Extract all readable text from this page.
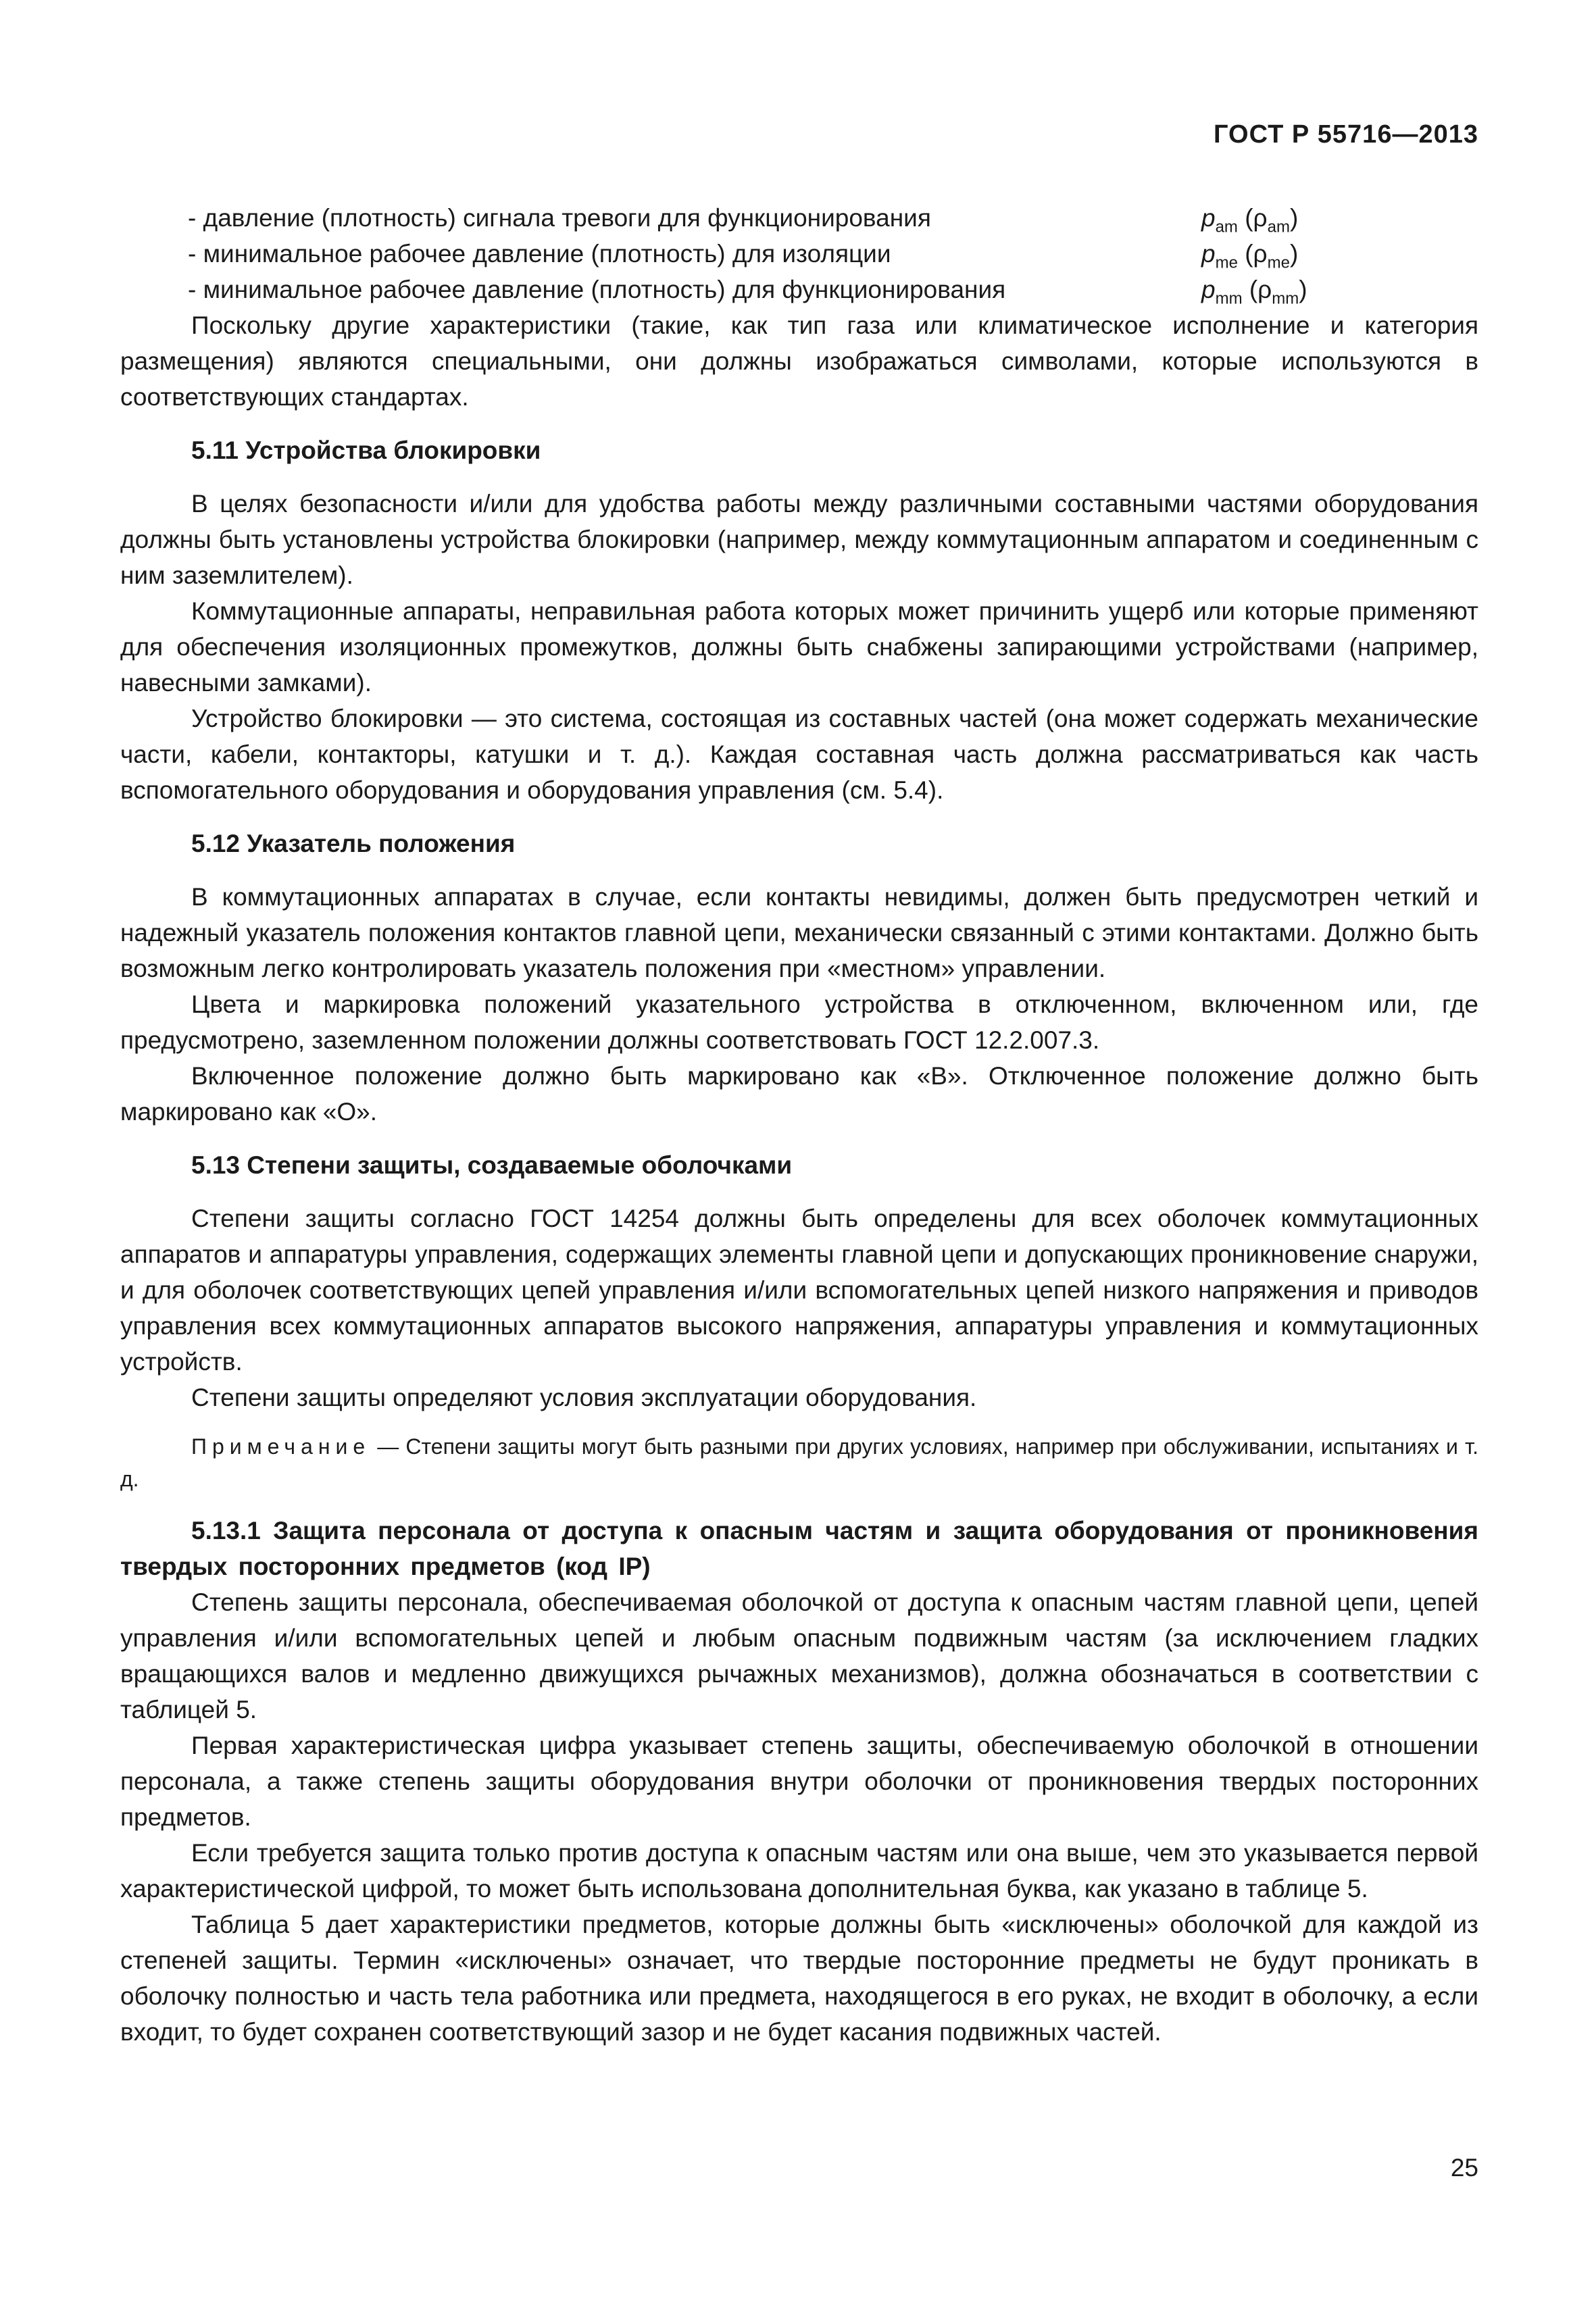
ГОСТ Р 55716—2013
- давление (плотность) сигнала тревоги для функционирования	$p_{am}$ $(\rho_{am})$
- минимальное рабочее давление (плотность) для изоляции	$p_{me}$ $(\rho_{me})$
- минимальное рабочее давление (плотность) для функционирования	$p_{mm}$ $(\rho_{mm})$

Поскольку другие характеристики (такие, как тип газа или климатическое исполнение и категория размещения) являются специальными, они должны изображаться символами, которые используются в соответствующих стандартах.

5.11 Устройства блокировки

В целях безопасности и/или для удобства работы между различными составными частями оборудования должны быть установлены устройства блокировки (например, между коммутационным аппаратом и соединенным с ним заземлителем).

Коммутационные аппараты, неправильная работа которых может причинить ущерб или которые применяют для обеспечения изоляционных промежутков, должны быть снабжены запирающими устройствами (например, навесными замками).

Устройство блокировки — это система, состоящая из составных частей (она может содержать механические части, кабели, контакторы, катушки и т. д.). Каждая составная часть должна рассматриваться как часть вспомогательного оборудования и оборудования управления (см. 5.4).

5.12 Указатель положения

В коммутационных аппаратах в случае, если контакты невидимы, должен быть предусмотрен четкий и надежный указатель положения контактов главной цепи, механически связанный с этими контактами. Должно быть возможным легко контролировать указатель положения при «местном» управлении.

Цвета и маркировка положений указательного устройства в отключенном, включенном или, где предусмотрено, заземленном положении должны соответствовать ГОСТ 12.2.007.3.

Включенное положение должно быть маркировано как «В». Отключенное положение должно быть маркировано как «О».

5.13 Степени защиты, создаваемые оболочками

Степени защиты согласно ГОСТ 14254 должны быть определены для всех оболочек коммутационных аппаратов и аппаратуры управления, содержащих элементы главной цепи и допускающих проникновение снаружи, и для оболочек соответствующих цепей управления и/или вспомогательных цепей низкого напряжения и приводов управления всех коммутационных аппаратов высокого напряжения, аппаратуры управления и коммутационных устройств.

Степени защиты определяют условия эксплуатации оборудования.

Примечание — Степени защиты могут быть разными при других условиях, например при обслуживании, испытаниях и т. д.

5.13.1 Защита персонала от доступа к опасным частям и защита оборудования от проникновения твердых посторонних предметов (код IP)

Степень защиты персонала, обеспечиваемая оболочкой от доступа к опасным частям главной цепи, цепей управления и/или вспомогательных цепей и любым опасным подвижным частям (за исключением гладких вращающихся валов и медленно движущихся рычажных механизмов), должна обозначаться в соответствии с таблицей 5.

Первая характеристическая цифра указывает степень защиты, обеспечиваемую оболочкой в отношении персонала, а также степень защиты оборудования внутри оболочки от проникновения твердых посторонних предметов.

Если требуется защита только против доступа к опасным частям или она выше, чем это указывается первой характеристической цифрой, то может быть использована дополнительная буква, как указано в таблице 5.

Таблица 5 дает характеристики предметов, которые должны быть «исключены» оболочкой для каждой из степеней защиты. Термин «исключены» означает, что твердые посторонние предметы не будут проникать в оболочку полностью и часть тела работника или предмета, находящегося в его руках, не входит в оболочку, а если входит, то будет сохранен соответствующий зазор и не будет касания подвижных частей.

25
